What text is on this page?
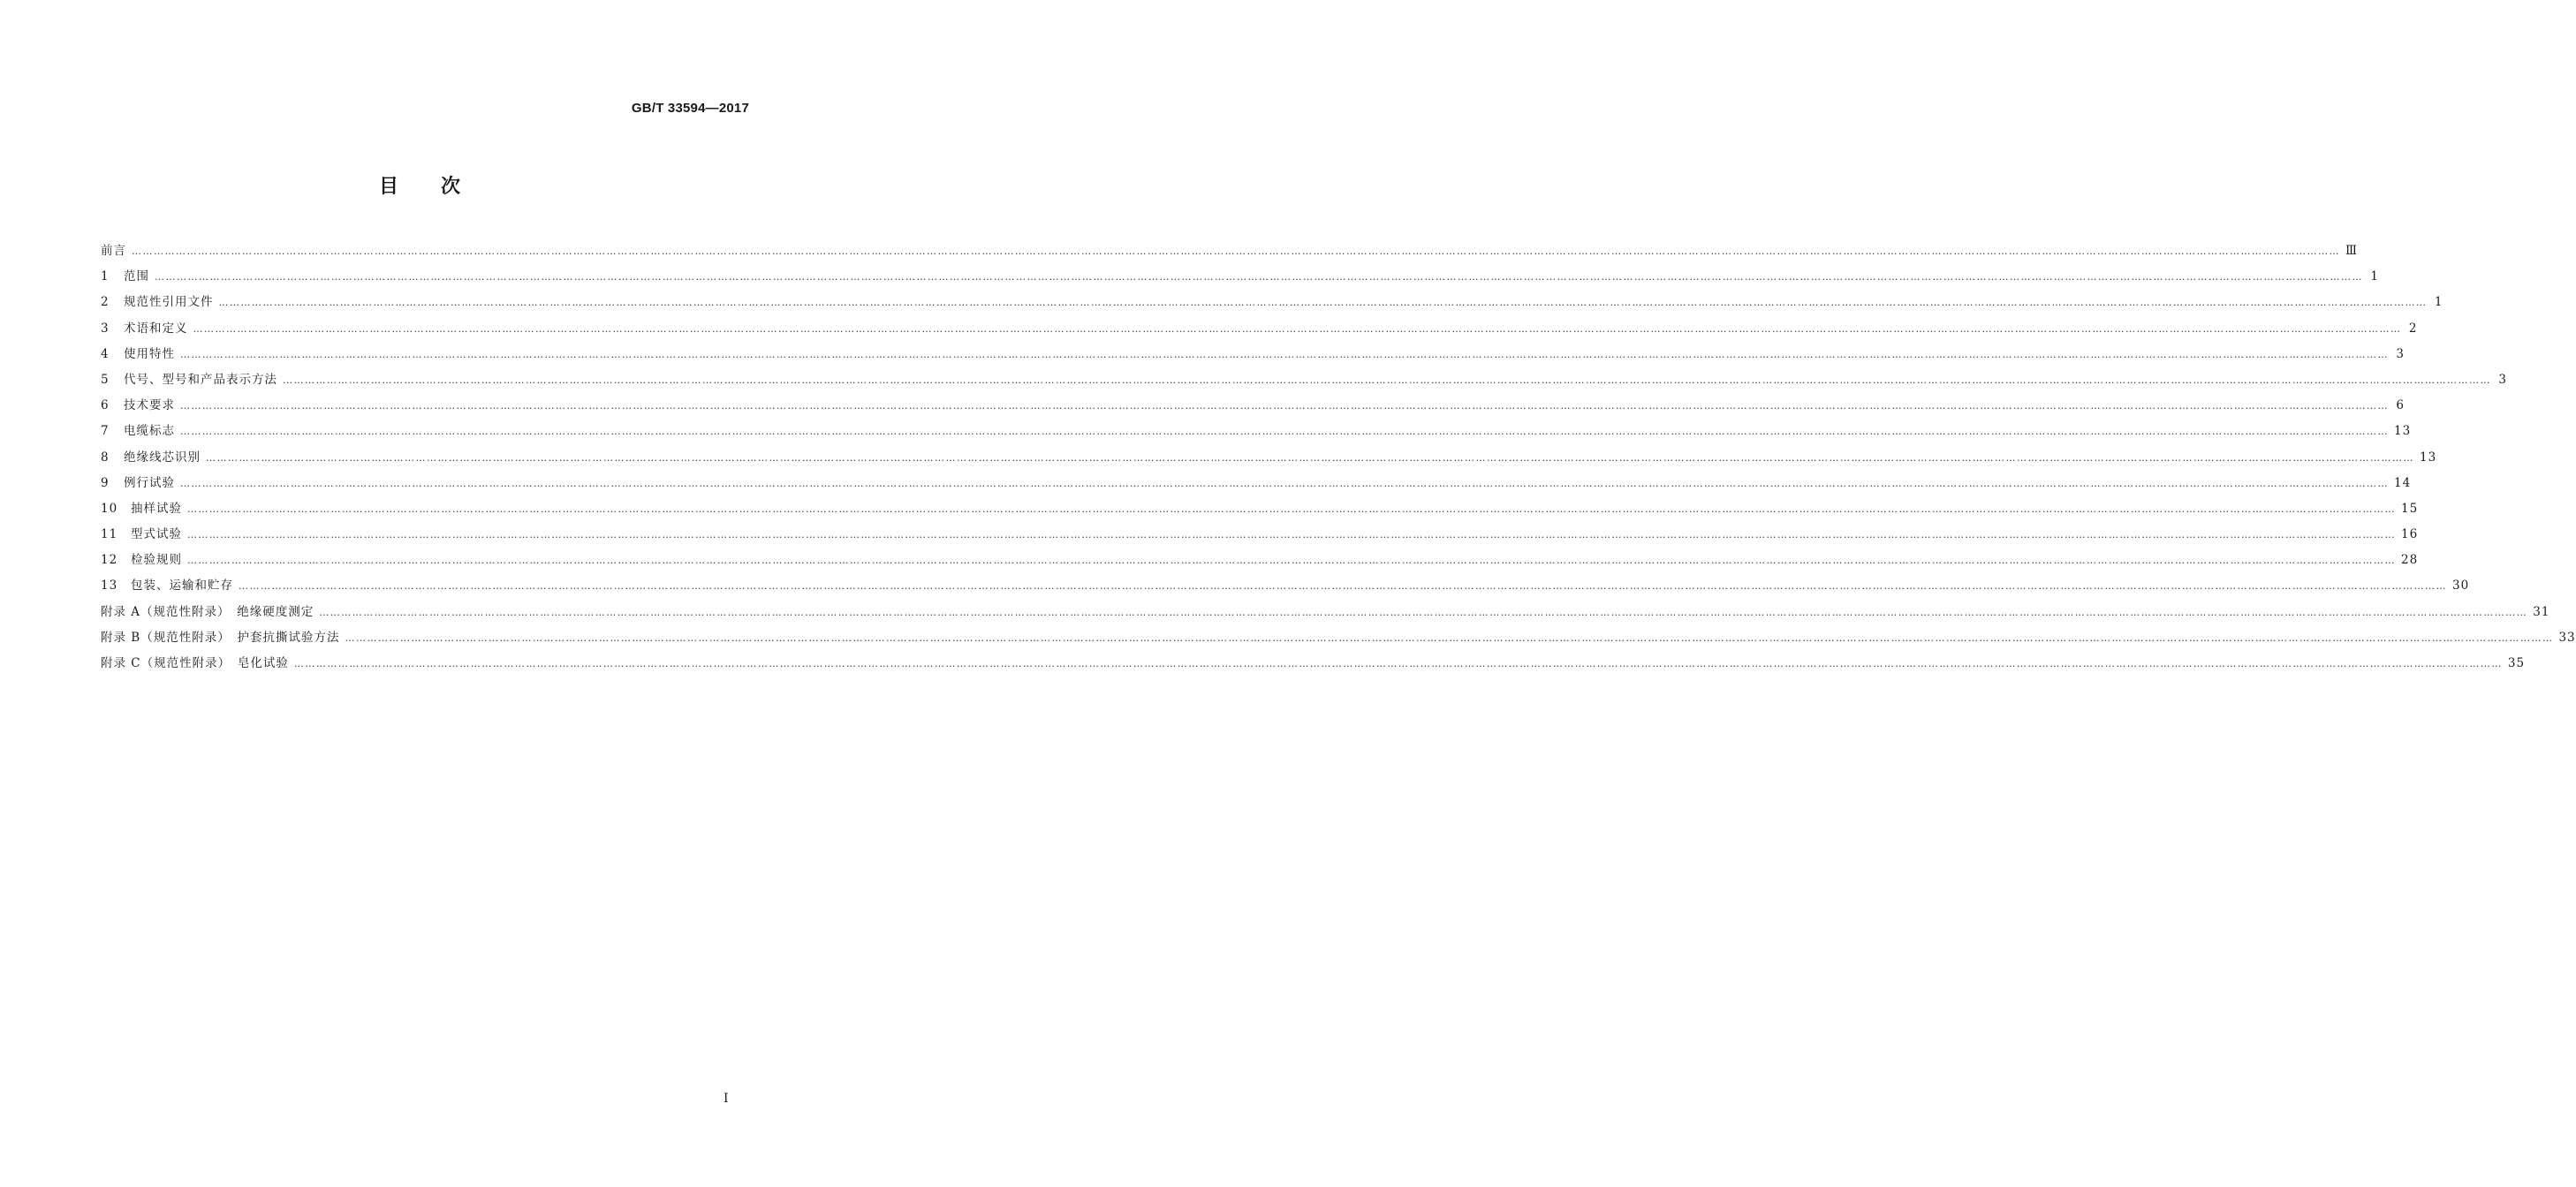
GB/T 33594—2017
目次
前言 …………………………………………………………………………………………………………………………………………………………………………………………………………………………………………………………………………………………………………………………………………………………………………………………………………………………………………………………………………………………………………………………………………………… Ⅲ
1	范围 …………………………………………………………………………………………………………………………………………………………………………………………………………………………………………………………………………………………………………………………………………………………………………………………………………………………………………………………………………………………………………………………………………………… 1
2	规范性引用文件 …………………………………………………………………………………………………………………………………………………………………………………………………………………………………………………………………………………………………………………………………………………………………………………………………………………………………………………………………………………………………………………………………………………… 1
3	术语和定义 …………………………………………………………………………………………………………………………………………………………………………………………………………………………………………………………………………………………………………………………………………………………………………………………………………………………………………………………………………………………………………………………………………………… 2
4	使用特性 …………………………………………………………………………………………………………………………………………………………………………………………………………………………………………………………………………………………………………………………………………………………………………………………………………………………………………………………………………………………………………………………………………………… 3
5	代号、型号和产品表示方法 …………………………………………………………………………………………………………………………………………………………………………………………………………………………………………………………………………………………………………………………………………………………………………………………………………………………………………………………………………………………………………………………………………………… 3
6	技术要求 …………………………………………………………………………………………………………………………………………………………………………………………………………………………………………………………………………………………………………………………………………………………………………………………………………………………………………………………………………………………………………………………………………………… 6
7	电缆标志 …………………………………………………………………………………………………………………………………………………………………………………………………………………………………………………………………………………………………………………………………………………………………………………………………………………………………………………………………………………………………………………………………………………… 13
8	绝缘线芯识别 …………………………………………………………………………………………………………………………………………………………………………………………………………………………………………………………………………………………………………………………………………………………………………………………………………………………………………………………………………………………………………………………………………………… 13
9	例行试验 …………………………………………………………………………………………………………………………………………………………………………………………………………………………………………………………………………………………………………………………………………………………………………………………………………………………………………………………………………………………………………………………………………………… 14
10	抽样试验 …………………………………………………………………………………………………………………………………………………………………………………………………………………………………………………………………………………………………………………………………………………………………………………………………………………………………………………………………………………………………………………………………………………… 15
11	型式试验 …………………………………………………………………………………………………………………………………………………………………………………………………………………………………………………………………………………………………………………………………………………………………………………………………………………………………………………………………………………………………………………………………………………… 16
12	检验规则 …………………………………………………………………………………………………………………………………………………………………………………………………………………………………………………………………………………………………………………………………………………………………………………………………………………………………………………………………………………………………………………………………………………… 28
13	包装、运输和贮存 …………………………………………………………………………………………………………………………………………………………………………………………………………………………………………………………………………………………………………………………………………………………………………………………………………………………………………………………………………………………………………………………………………………… 30
附录 A（规范性附录）　绝缘硬度测定 …………………………………………………………………………………………………………………………………………………………………………………………………………………………………………………………………………………………………………………………………………………………………………………………………………………………………………………………………………………………………………………………………………………… 31
附录 B（规范性附录）　护套抗撕试验方法 …………………………………………………………………………………………………………………………………………………………………………………………………………………………………………………………………………………………………………………………………………………………………………………………………………………………………………………………………………………………………………………………………………………… 33
附录 C（规范性附录）　皂化试验 …………………………………………………………………………………………………………………………………………………………………………………………………………………………………………………………………………………………………………………………………………………………………………………………………………………………………………………………………………………………………………………………………………………… 35
I
